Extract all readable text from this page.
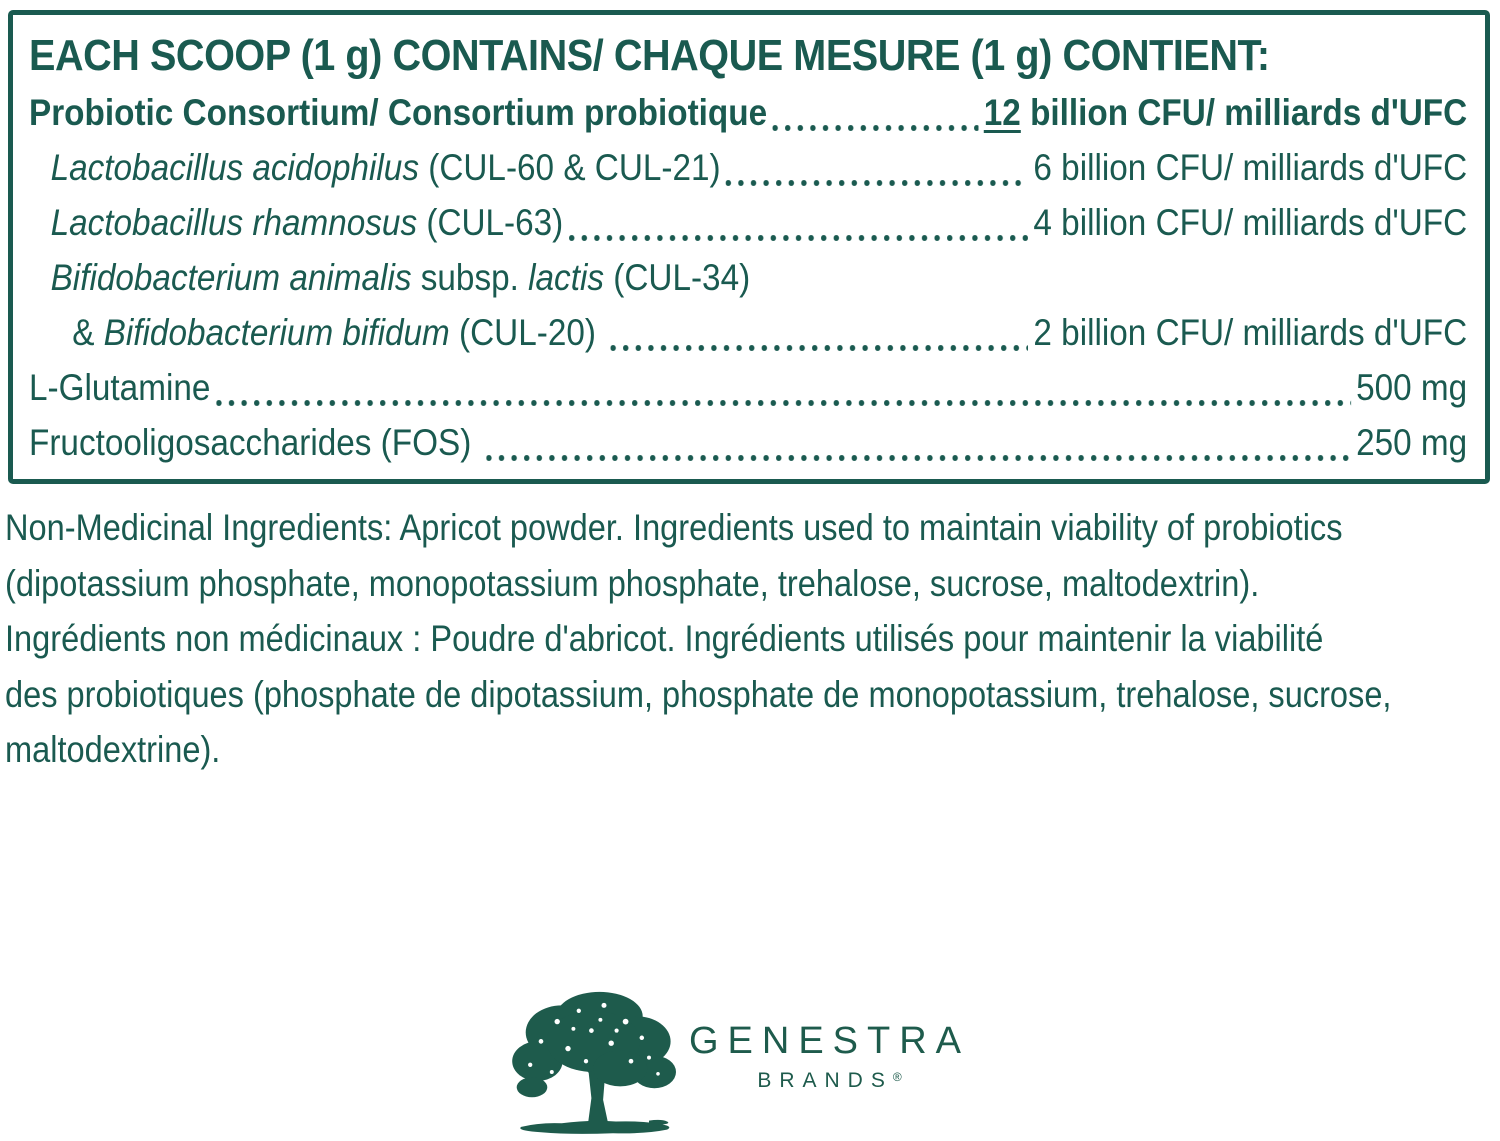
EACH SCOOP (1 g) CONTAINS/ CHAQUE MESURE (1 g) CONTIENT:
Probiotic Consortium/ Consortium probiotique	12 billion CFU/ milliards d'UFC
Lactobacillus acidophilus (CUL-60 & CUL-21)	6 billion CFU/ milliards d'UFC
Lactobacillus rhamnosus (CUL-63)	4 billion CFU/ milliards d'UFC
Bifidobacterium animalis subsp. lactis (CUL-34)
& Bifidobacterium bifidum (CUL-20)	2 billion CFU/ milliards d'UFC
L-Glutamine	500 mg
Fructooligosaccharides (FOS)	250 mg
Non-Medicinal Ingredients: Apricot powder. Ingredients used to maintain viability of probiotics
(dipotassium phosphate, monopotassium phosphate, trehalose, sucrose, maltodextrin).
Ingrédients non médicinaux : Poudre d'abricot. Ingrédients utilisés pour maintenir la viabilité
des probiotiques (phosphate de dipotassium, phosphate de monopotassium, trehalose, sucrose,
maltodextrine).
GENESTRA
BRANDS®
